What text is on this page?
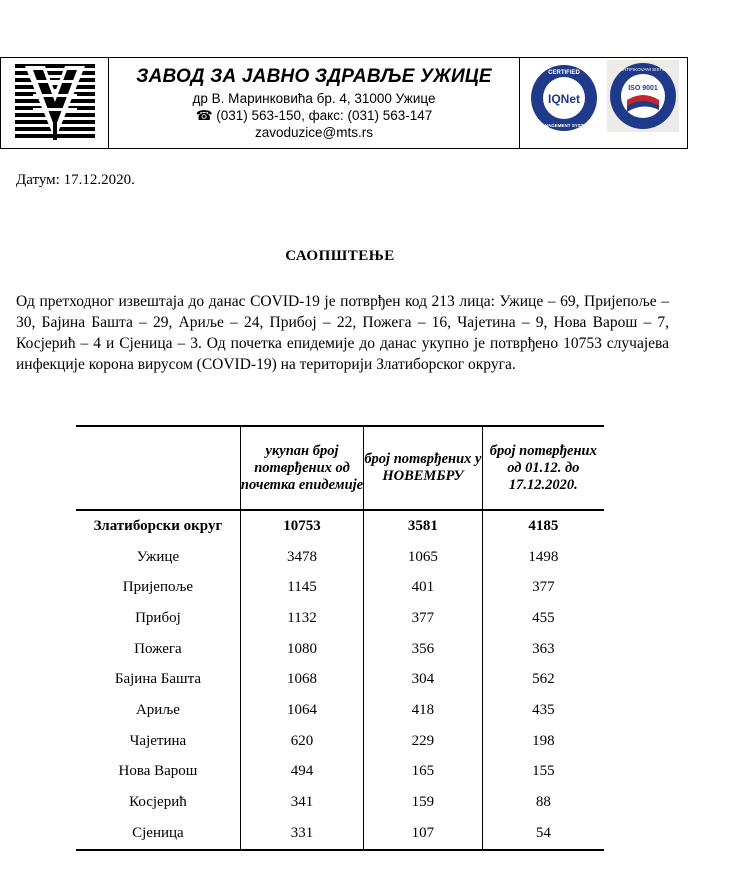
ЗАВОД ЗА ЈАВНО ЗДРАВЉЕ УЖИЦЕ
др В. Маринковића бр. 4, 31000 Ужице
☎ (031) 563-150, факс: (031) 563-147
zavoduzice@mts.rs
IQNet
CERTIFIED
MANAGEMENT SYSTEM
ISO 9001
SERTIFIKOVANI SISTEM
Датум: 17.12.2020.
САОПШТЕЊЕ
Од претходног извештаја до данас COVID-19 је потврђен код 213 лица: Ужице – 69, Пријепоље – 30, Бајина Башта – 29, Ариље – 24, Прибој – 22, Пожега – 16, Чајетина – 9, Нова Варош – 7, Косјерић – 4 и Сјеница – 3. Од почетка епидемије до данас укупно је потврђено 10753 случајева инфекције корона вирусом (COVID-19) на територији Златиборског округа.
	укупан број потврђених од почетка епидемије	број потврђених у НОВЕМБРУ	број потврђених од 01.12. до 17.12.2020.
Златиборски округ	10753	3581	4185
Ужице	3478	1065	1498
Пријепоље	1145	401	377
Прибој	1132	377	455
Пожега	1080	356	363
Бајина Башта	1068	304	562
Ариље	1064	418	435
Чајетина	620	229	198
Нова Варош	494	165	155
Косјерић	341	159	88
Сјеница	331	107	54
